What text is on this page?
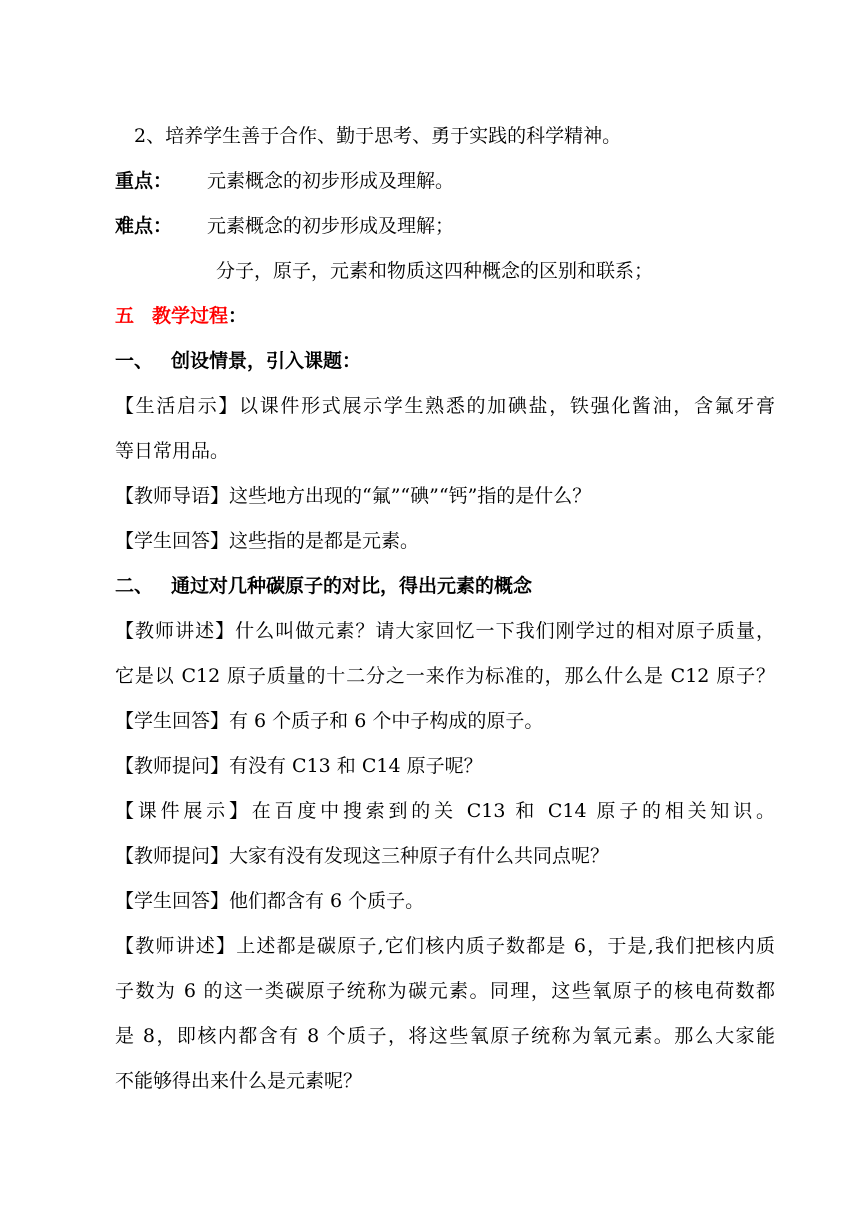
2、培养学生善于合作、勤于思考、勇于实践的科学精神。
重点： 元素概念的初步形成及理解。
难点： 元素概念的初步形成及理解；
分子，原子，元素和物质这四种概念的区别和联系；
五 教学过程：
一、 创设情景，引入课题：
【生活启示】以课件形式展示学生熟悉的加碘盐，铁强化酱油，含氟牙膏
等日常用品。
【教师导语】这些地方出现的“氟”“碘”“钙”指的是什么？
【学生回答】这些指的是都是元素。
二、 通过对几种碳原子的对比，得出元素的概念
【教师讲述】什么叫做元素？请大家回忆一下我们刚学过的相对原子质量，
它是以 C12 原子质量的十二分之一来作为标准的，那么什么是 C12 原子？
【学生回答】有 6 个质子和 6 个中子构成的原子。
【教师提问】有没有 C13 和 C14 原子呢？
【课件展示】在百度中搜索到的关 C13 和 C14 原子的相关知识。
【教师提问】大家有没有发现这三种原子有什么共同点呢？
【学生回答】他们都含有 6 个质子。
【教师讲述】上述都是碳原子,它们核内质子数都是 6，于是,我们把核内质
子数为 6 的这一类碳原子统称为碳元素。同理，这些氧原子的核电荷数都
是 8，即核内都含有 8 个质子，将这些氧原子统称为氧元素。那么大家能
不能够得出来什么是元素呢？
